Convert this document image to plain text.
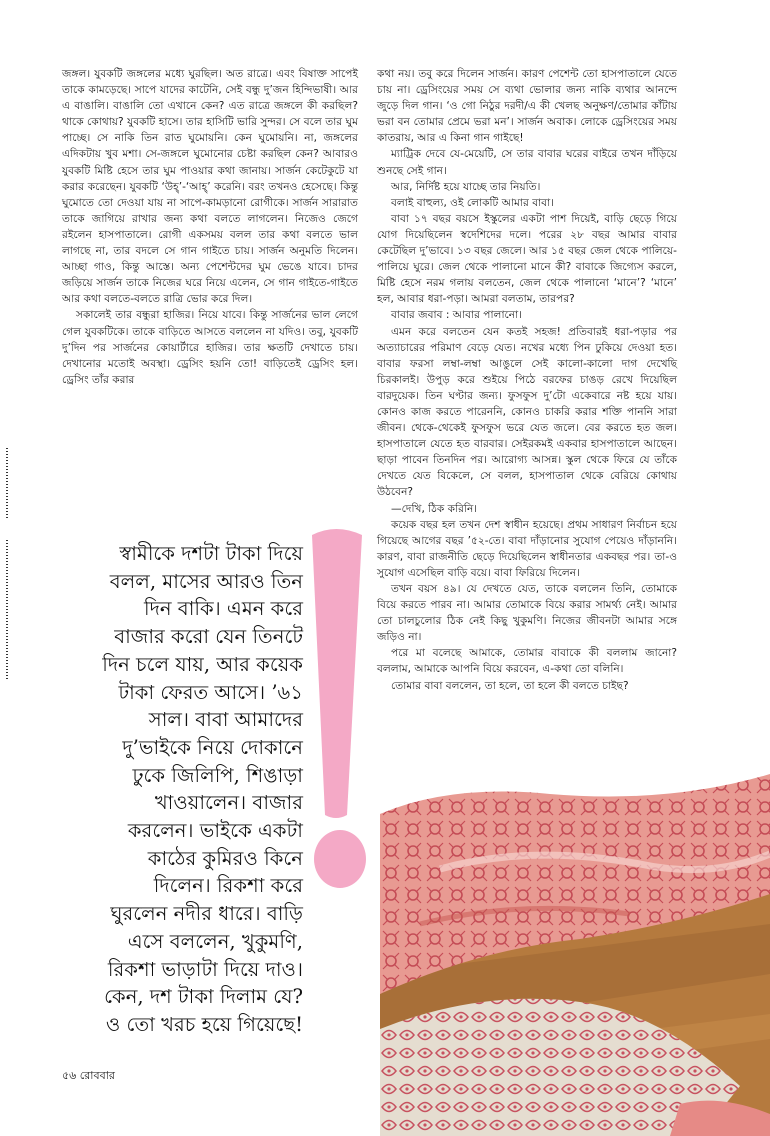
জঙ্গল। যুবকটি জঙ্গলের মধ্যে ঘুরছিল। অত রাত্রে। এবং বিষাক্ত সাপেই তাকে কামড়েছে। সাপে যাদের কাটেনি, সেই বন্ধু দু’জন হিন্দিভাষী। আর এ বাঙালি। বাঙালি তো এখানে কেন? এত রাত্রে জঙ্গলে কী করছিল? থাকে কোথায়? যুবকটি হাসে। তার হাসিটি ভারি সুন্দর। সে বলে তার ঘুম পাচ্ছে। সে নাকি তিন রাত ঘুমোয়নি। কেন ঘুমোয়নি। না, জঙ্গলের এদিকটায় খুব মশা। সে-জঙ্গলে ঘুমোনোর চেষ্টা করছিল কেন? আবারও যুবকটি মিষ্টি হেসে তার ঘুম পাওয়ার কথা জানায়। সার্জন কেটেকুটে যা করার করেছেন। যুবকটি ‘উহ্’-‘আহ্’ করেনি। বরং তখনও হেসেছে। কিন্তু ঘুমোতে তো দেওয়া যায় না সাপে-কামড়ানো রোগীকে। সার্জন সারারাত তাকে জাগিয়ে রাখার জন্য কথা বলতে লাগলেন। নিজেও জেগে রইলেন হাসপাতালে। রোগী একসময় বলল তার কথা বলতে ভাল লাগছে না, তার বদলে সে গান গাইতে চায়। সার্জন অনুমতি দিলেন। আচ্ছা গাও, কিন্তু আস্তে। অন্য পেশেন্টদের ঘুম ভেঙে যাবে। চাদর জড়িয়ে সার্জন তাকে নিজের ঘরে নিয়ে এলেন, সে গান গাইতে-গাইতে আর কথা বলতে-বলতে রাত্রি ভোর করে দিল।

সকালেই তার বন্ধুরা হাজির। নিয়ে যাবে। কিন্তু সার্জনের ভাল লেগে গেল যুবকটিকে। তাকে বাড়িতে আসতে বললেন না যদিও। তবু, যুবকটি দু’দিন পর সার্জনের কোয়ার্টারে হাজির। তার ক্ষতটি দেখাতে চায়। দেখানোর মতোই অবস্থা। ড্রেসিং হয়নি তো! বাড়িতেই ড্রেসিং হল। ড্রেসিং তাঁর করার

কথা নয়। তবু করে দিলেন সার্জন। কারণ পেশেন্ট তো হাসপাতালে যেতে চায় না। ড্রেসিংয়ের সময় সে ব্যথা ভোলার জন্য নাকি ব্যথার আনন্দে জুড়ে দিল গান। ‘ও গো নিঠুর দরদী/এ কী খেলছ অনুক্ষণ/তোমার কাঁটায় ভরা বন তোমার প্রেমে ভরা মন’। সার্জন অবাক। লোকে ড্রেসিংয়ের সময় কাতরায়, আর এ কিনা গান গাইছে!

ম্যাট্রিক দেবে যে-মেয়েটি, সে তার বাবার ঘরের বাইরে তখন দাঁড়িয়ে শুনছে সেই গান।

আর, নির্দিষ্ট হয়ে যাচ্ছে তার নিয়তি।

বলাই বাহুল্য, ওই লোকটি আমার বাবা।

বাবা ১৭ বছর বয়সে ইস্কুলের একটা পাশ দিয়েই, বাড়ি ছেড়ে গিয়ে যোগ দিয়েছিলেন স্বদেশিদের দলে। পরের ২৮ বছর আমার বাবার কেটেছিল দু’ভাবে। ১৩ বছর জেলে। আর ১৫ বছর জেল থেকে পালিয়ে-পালিয়ে ঘুরে। জেল থেকে পালানো মানে কী? বাবাকে জিগ্যেস করলে, মিষ্টি হেসে নরম গলায় বলতেন, জেল থেকে পালানো ‘মানে’? ‘মানে’ হল, আবার ধরা-পড়া। আমরা বলতাম, তারপর?

বাবার জবাব : আবার পালানো।

এমন করে বলতেন যেন কতই সহজ! প্রতিবারই ধরা-পড়ার পর অত্যাচারের পরিমাণ বেড়ে যেত। নখের মধ্যে পিন ঢুকিয়ে দেওয়া হত। বাবার ফরসা লম্বা-লম্বা আঙুলে সেই কালো-কালো দাগ দেখেছি চিরকালই। উপুড় করে শুইয়ে পিঠে বরফের চাঙড় রেখে দিয়েছিল বারদুয়েক। তিন ঘণ্টার জন্য। ফুসফুস দু’টো একেবারে নষ্ট হয়ে যায়। কোনও কাজ করতে পারেননি, কোনও চাকরি করার শক্তি পাননি সারা জীবন। থেকে-থেকেই ফুসফুস ভরে যেত জলে। বের করতে হত জল। হাসপাতালে যেতে হত বারবার। সেইরকমই একবার হাসপাতালে আছেন। ছাড়া পাবেন তিনদিন পর। আরোগ্য আসন্ন। স্কুল থেকে ফিরে যে তাঁকে দেখতে যেত বিকেলে, সে বলল, হাসপাতাল থেকে বেরিয়ে কোথায় উঠবেন?

—দেখি, ঠিক করিনি।

কয়েক বছর হল তখন দেশ স্বাধীন হয়েছে। প্রথম সাধারণ নির্বাচন হয়ে গিয়েছে আগের বছর ’৫২-তে। বাবা দাঁড়ানোর সুযোগ পেয়েও দাঁড়াননি। কারণ, বাবা রাজনীতি ছেড়ে দিয়েছিলেন স্বাধীনতার একবছর পর। তা-ও সুযোগ এসেছিল বাড়ি বয়ে। বাবা ফিরিয়ে দিলেন।

তখন বয়স ৪৯। যে দেখতে যেত, তাকে বললেন তিনি, তোমাকে বিয়ে করতে পারব না। আমার তোমাকে বিয়ে করার সামর্থ্য নেই। আমার তো চালচুলোর ঠিক নেই কিছু খুকুমণি। নিজের জীবনটা আমার সঙ্গে জড়িও না।

পরে মা বলেছে আমাকে, তোমার বাবাকে কী বললাম জানো? বললাম, আমাকে আপনি বিয়ে করবেন, এ-কথা তো বলিনি।

তোমার বাবা বললেন, তা হলে, তা হলে কী বলতে চাইছ?

স্বামীকে দশটা টাকা দিয়ে

বলল, মাসের আরও তিন

দিন বাকি। এমন করে

বাজার করো যেন তিনটে

দিন চলে যায়, আর কয়েক

টাকা ফেরত আসে। ’৬১

সাল। বাবা আমাদের

দু’ভাইকে নিয়ে দোকানে

ঢুকে জিলিপি, শিঙাড়া

খাওয়ালেন। বাজার

করলেন। ভাইকে একটা

কাঠের কুমিরও কিনে

দিলেন। রিকশা করে

ঘুরলেন নদীর ধারে। বাড়ি

এসে বললেন, খুকুমণি,

রিকশা ভাড়াটা দিয়ে দাও।

কেন, দশ টাকা দিলাম যে?

ও তো খরচ হয়ে গিয়েছে!

৫৬ রোববার
